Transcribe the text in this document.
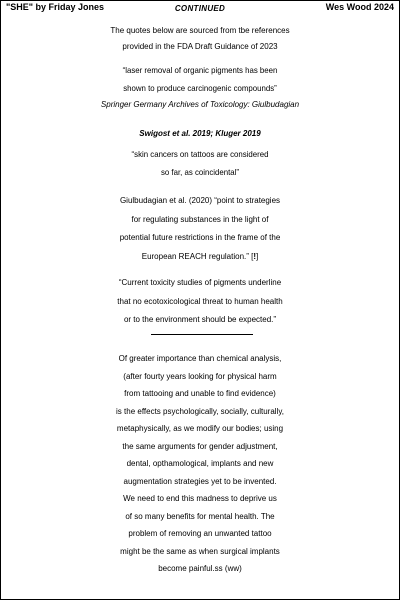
CONTINUED
"SHE" by Friday Jones	Wes Wood 2024
The quotes below are sourced from tbe references
provided in the FDA Draft Guidance of 2023
“laser removal of organic pigments has been
shown to produce carcinogenic compounds”
Springer Germany Archives of Toxicology: Giulbudagian
Swigost et al. 2019; Kluger 2019
“skin cancers on tattoos are considered
so far, as coincidental”
Giulbudagian et al. (2020) “point to strategies
for regulating substances in the light of
potential future restrictions in the frame of the
European REACH regulation.” [!]
“Current toxicity studies of pigments underline
that no ecotoxicological threat to human health
or to the environment should be expected.”
Of greater importance than chemical analysis,
(after fourty years looking for physical harm
from tattooing and unable to find evidence)
is the effects psychologically, socially, culturally,
metaphysically, as we modify our bodies; using
the same arguments for gender adjustment,
dental, opthamological, implants and new
augmentation strategies yet to be invented.
We need to end this madness to deprive us
of so many benefits for mental health. The
problem of removing an unwanted tattoo
might be the same as when surgical implants
become painful.ss (ww)
